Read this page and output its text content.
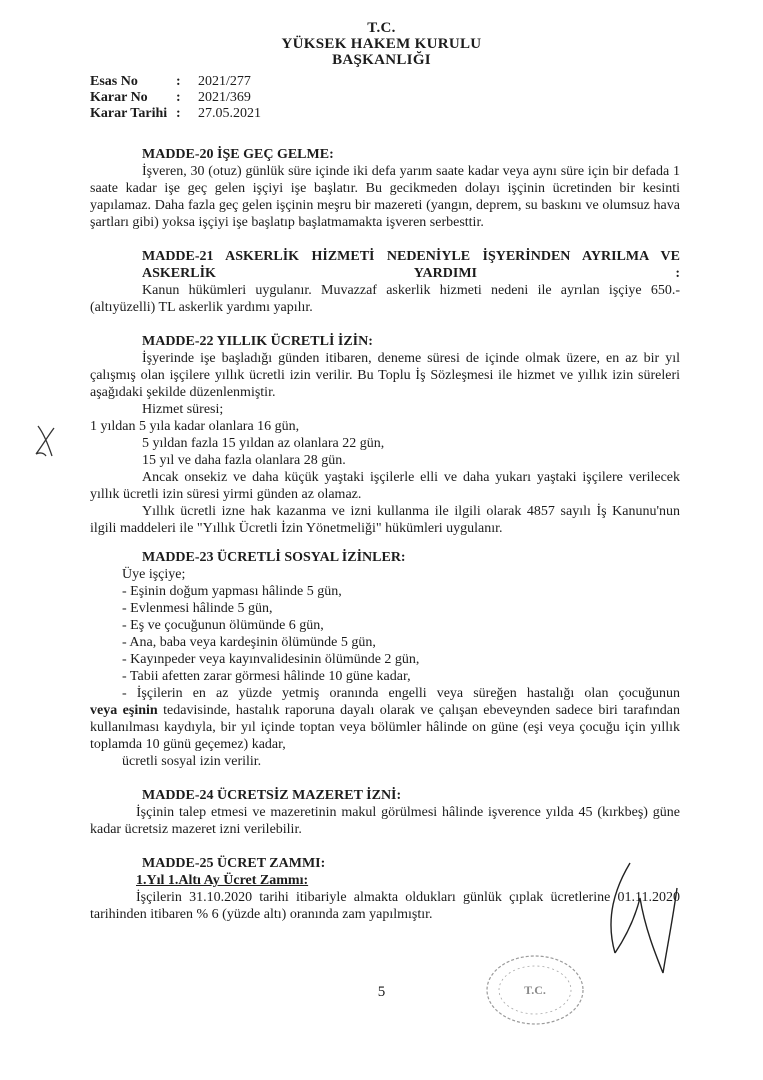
T.C.
YÜKSEK HAKEM KURULU
BAŞKANLIĞI
Esas No	:	2021/277
Karar No	:	2021/369
Karar Tarihi :	27.05.2021
MADDE-20 İŞE GEÇ GELME:
İşveren, 30 (otuz) günlük süre içinde iki defa yarım saate kadar veya aynı süre için bir defada 1 saate kadar işe geç gelen işçiyi işe başlatır. Bu gecikmeden dolayı işçinin ücretinden bir kesinti yapılamaz. Daha fazla geç gelen işçinin meşru bir mazereti (yangın, deprem, su baskını ve olumsuz hava şartları gibi) yoksa işçiyi işe başlatıp başlatmamakta işveren serbesttir.
MADDE-21 ASKERLİK HİZMETİ NEDENİYLE İŞYERİNDEN AYRILMA VE ASKERLİK YARDIMI :
Kanun hükümleri uygulanır. Muvazzaf askerlik hizmeti nedeni ile ayrılan işçiye 650.- (altıyüzelli) TL askerlik yardımı yapılır.
MADDE-22 YILLIK ÜCRETLİ İZİN:
İşyerinde işe başladığı günden itibaren, deneme süresi de içinde olmak üzere, en az bir yıl çalışmış olan işçilere yıllık ücretli izin verilir. Bu Toplu İş Sözleşmesi ile hizmet ve yıllık izin süreleri aşağıdaki şekilde düzenlenmiştir.
Hizmet süresi;
1 yıldan 5 yıla kadar olanlara 16 gün,
5 yıldan fazla 15 yıldan az olanlara 22 gün,
15 yıl ve daha fazla olanlara 28 gün.
Ancak onsekiz ve daha küçük yaştaki işçilerle elli ve daha yukarı yaştaki işçilere verilecek yıllık ücretli izin süresi yirmi günden az olamaz.
Yıllık ücretli izne hak kazanma ve izni kullanma ile ilgili olarak 4857 sayılı İş Kanunu'nun ilgili maddeleri ile "Yıllık Ücretli İzin Yönetmeliği" hükümleri uygulanır.
MADDE-23 ÜCRETLİ SOSYAL İZİNLER:
Üye işçiye;
- Eşinin doğum yapması hâlinde 5 gün,
- Evlenmesi hâlinde 5 gün,
- Eş ve çocuğunun ölümünde 6 gün,
- Ana, baba veya kardeşinin ölümünde 5 gün,
- Kayınpeder veya kayınvalidesinin ölümünde 2 gün,
- Tabii afetten zarar görmesi hâlinde 10 güne kadar,
- İşçilerin en az yüzde yetmiş oranında engelli veya süreğen hastalığı olan çocuğununveya eşinin tedavisinde, hastalık raporuna dayalı olarak ve çalışan ebeveynden sadece biri tarafından kullanılması kaydıyla, bir yıl içinde toptan veya bölümler hâlinde on güne (eşi veya çocuğu için yıllık toplamda 10 günü geçemez) kadar,
ücretli sosyal izin verilir.
MADDE-24 ÜCRETSİZ MAZERET İZNİ:
İşçinin talep etmesi ve mazeretinin makul görülmesi hâlinde işverence yılda 45 (kırkbeş) güne kadar ücretsiz mazeret izni verilebilir.
MADDE-25 ÜCRET ZAMMI:
1.Yıl 1.Altı Ay Ücret Zammı:
İşçilerin 31.10.2020 tarihi itibariyle almakta oldukları günlük çıplak ücretlerine 01.11.2020 tarihinden itibaren % 6 (yüzde altı) oranında zam yapılmıştır.
5	T.C.
